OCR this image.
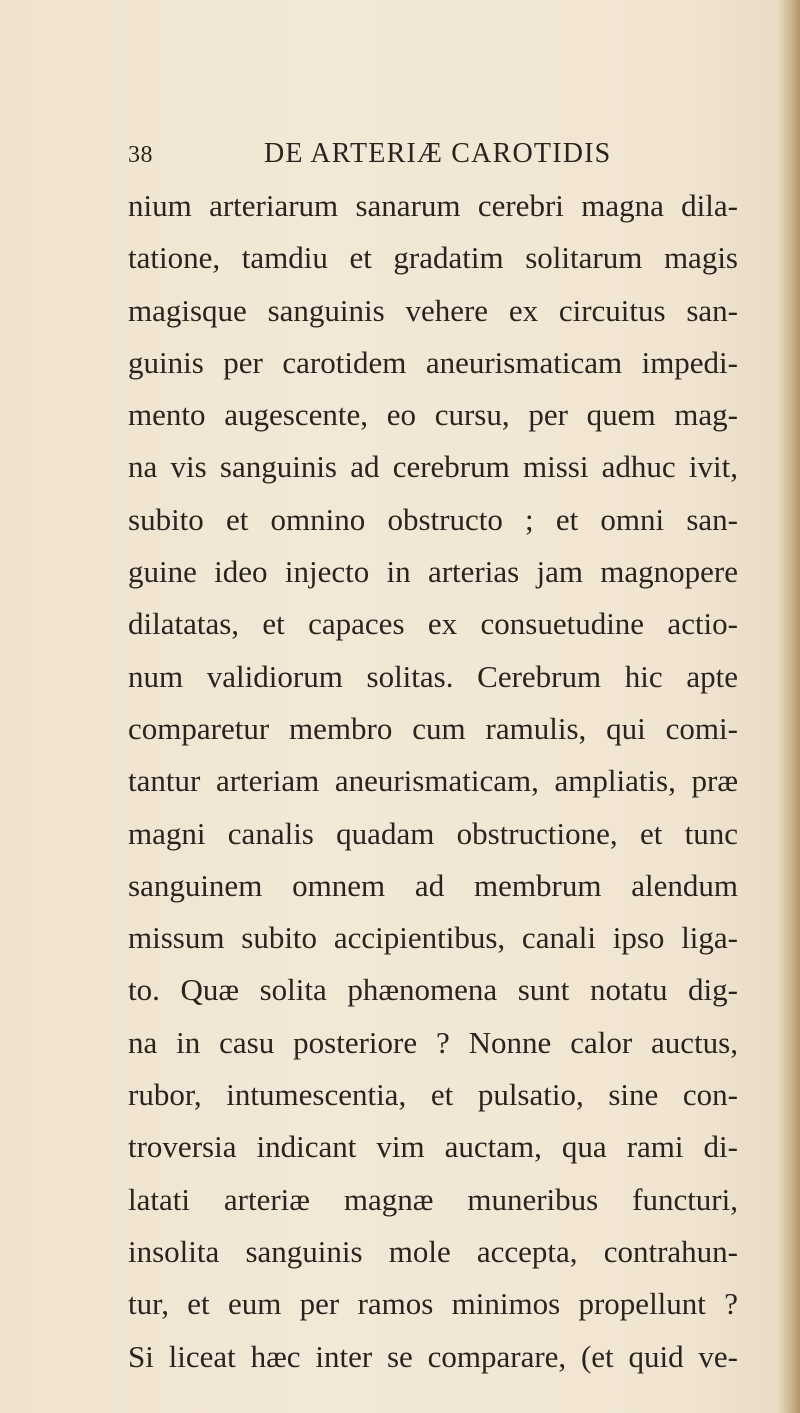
38	DE ARTERIÆ CAROTIDIS
nium arteriarum sanarum cerebri magna dila-
tatione, tamdiu et gradatim solitarum magis
magisque sanguinis vehere ex circuitus san-
guinis per carotidem aneurismaticam impedi-
mento augescente, eo cursu, per quem mag-
na vis sanguinis ad cerebrum missi adhuc ivit,
subito et omnino obstructo ; et omni san-
guine ideo injecto in arterias jam magnopere
dilatatas, et capaces ex consuetudine actio-
num validiorum solitas. Cerebrum hic apte
comparetur membro cum ramulis, qui comi-
tantur arteriam aneurismaticam, ampliatis, præ
magni canalis quadam obstructione, et tunc
sanguinem omnem ad membrum alendum
missum subito accipientibus, canali ipso liga-
to. Quæ solita phænomena sunt notatu dig-
na in casu posteriore ? Nonne calor auctus,
rubor, intumescentia, et pulsatio, sine con-
troversia indicant vim auctam, qua rami di-
latati arteriæ magnæ muneribus functuri,
insolita sanguinis mole accepta, contrahun-
tur, et eum per ramos minimos propellunt ?
Si liceat hæc inter se comparare, (et quid ve-
